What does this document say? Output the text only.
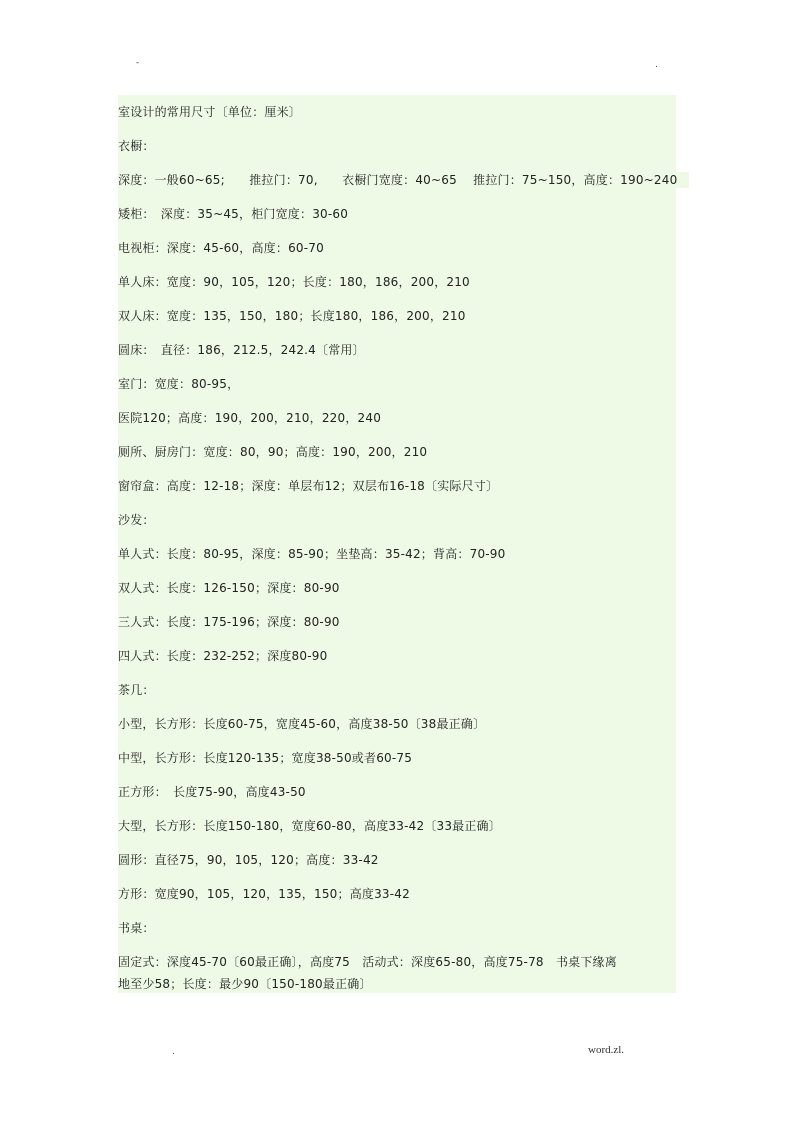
-	.
室设计的常用尺寸〔单位：厘米〕
衣橱：
深度：一般60~65;　　推拉门：70,　　衣橱门宽度：40~65　 推拉门：75~150，高度：190~240
矮柜：　深度：35~45，柜门宽度：30-60
电视柜：深度：45-60，高度：60-70
单人床：宽度：90，105，120；长度：180，186，200，210
双人床：宽度：135，150，180；长度180，186，200，210
圆床：　直径：186，212.5，242.4〔常用〕
室门：宽度：80-95，
医院120；高度：190，200，210，220，240
厕所、厨房门：宽度：80，90；高度：190，200，210
窗帘盒：高度：12-18；深度：单层布12；双层布16-18〔实际尺寸〕
沙发：
单人式：长度：80-95，深度：85-90；坐垫高：35-42；背高：70-90
双人式：长度：126-150；深度：80-90
三人式：长度：175-196；深度：80-90
四人式：长度：232-252；深度80-90
茶几：
小型，长方形：长度60-75，宽度45-60，高度38-50〔38最正确〕
中型，长方形：长度120-135；宽度38-50或者60-75
正方形：　长度75-90，高度43-50
大型，长方形：长度150-180，宽度60-80，高度33-42〔33最正确〕
圆形：直径75，90，105，120；高度：33-42
方形：宽度90，105，120，135，150；高度33-42
书桌：
固定式：深度45-70〔60最正确〕，高度75　活动式：深度65-80，高度75-78　书桌下缘离
地至少58；长度：最少90〔150-180最正确〕
.	word.zl.
